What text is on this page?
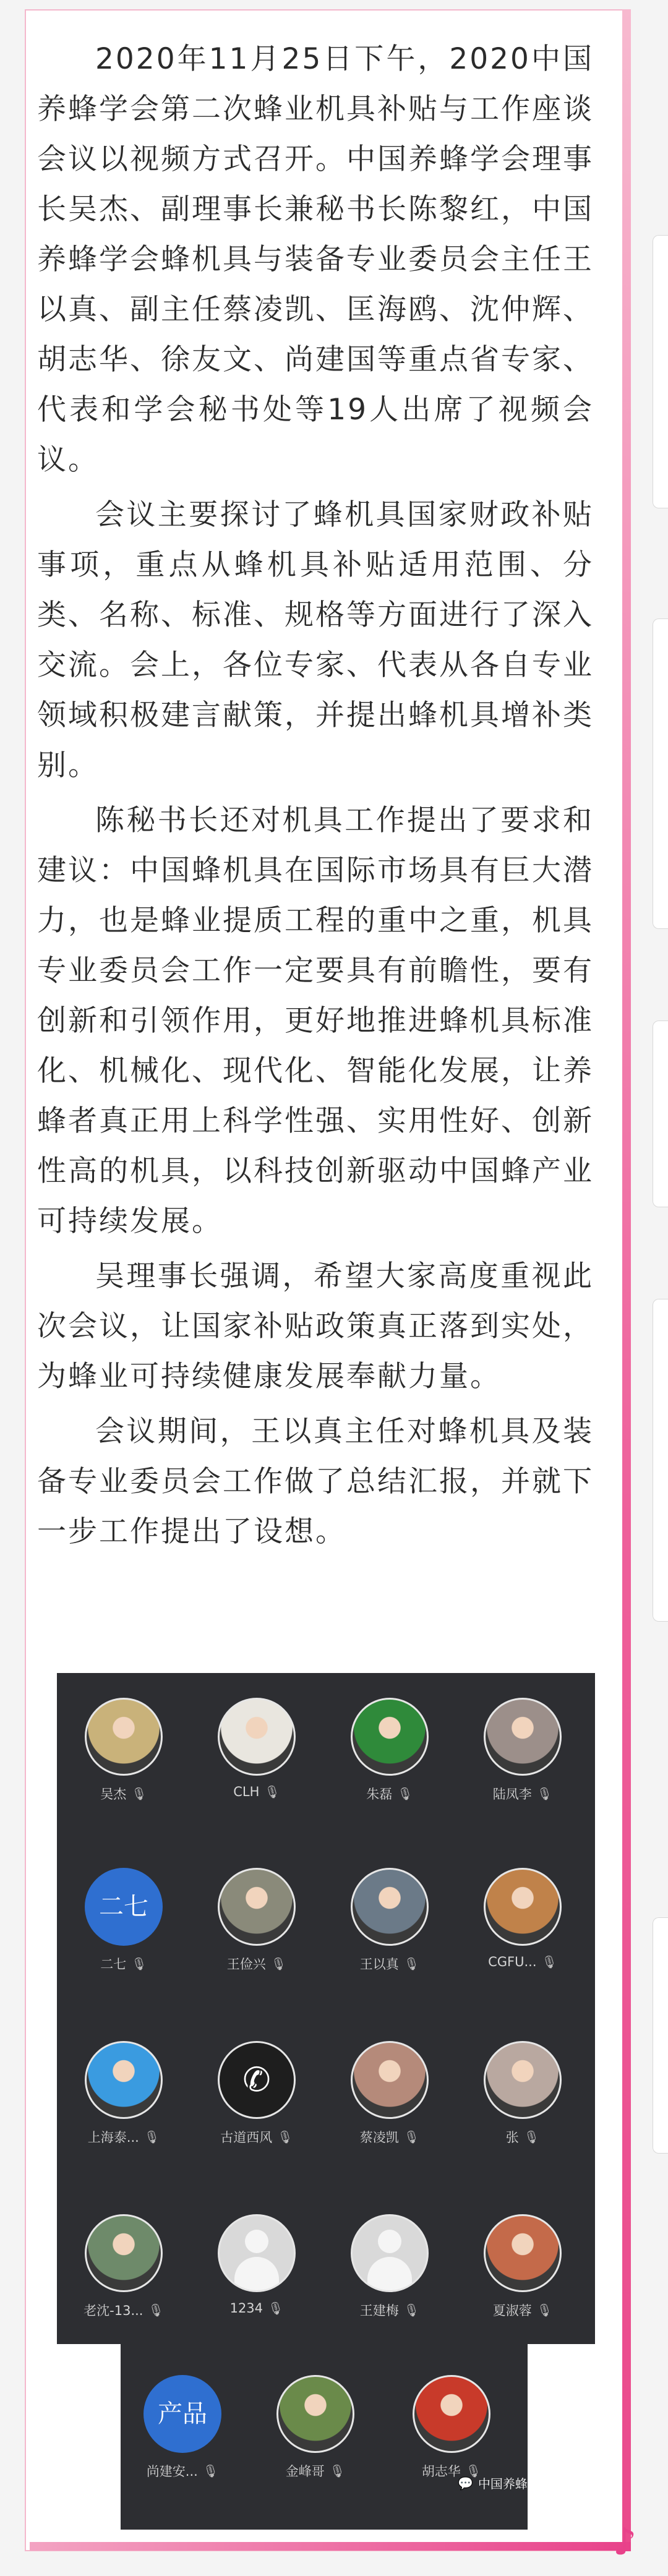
♪

2020年11月25日下午，2020中国养蜂学会第二次蜂业机具补贴与工作座谈会议以视频方式召开。中国养蜂学会理事长吴杰、副理事长兼秘书长陈黎红，中国养蜂学会蜂机具与装备专业委员会主任王以真、副主任蔡凌凯、匡海鸥、沈仲辉、胡志华、徐友文、尚建国等重点省专家、代表和学会秘书处等19人出席了视频会议。

会议主要探讨了蜂机具国家财政补贴事项，重点从蜂机具补贴适用范围、分类、名称、标准、规格等方面进行了深入交流。会上，各位专家、代表从各自专业领域积极建言献策，并提出蜂机具增补类别。

陈秘书长还对机具工作提出了要求和建议：中国蜂机具在国际市场具有巨大潜力，也是蜂业提质工程的重中之重，机具专业委员会工作一定要具有前瞻性，要有创新和引领作用，更好地推进蜂机具标准化、机械化、现代化、智能化发展，让养蜂者真正用上科学性强、实用性好、创新性高的机具，以科技创新驱动中国蜂产业可持续发展。

吴理事长强调，希望大家高度重视此次会议，让国家补贴政策真正落到实处，为蜂业可持续健康发展奉献力量。

会议期间，王以真主任对蜂机具及装备专业委员会工作做了总结汇报，并就下一步工作提出了设想。

吴杰 🎙	CLH 🎙	朱磊 🎙	陆凤李 🎙
二七
二七 🎙	王俭兴 🎙	王以真 🎙	CGFU... 🎙
上海泰... 🎙
✆
古道西风 🎙	蔡凌凯 🎙	张 🎙
老沈-13... 🎙	1234 🎙	王建梅 🎙	夏淑蓉 🎙
产品
尚建安... 🎙	金峰哥 🎙	胡志华 🎙
💬 中国养蜂学会
